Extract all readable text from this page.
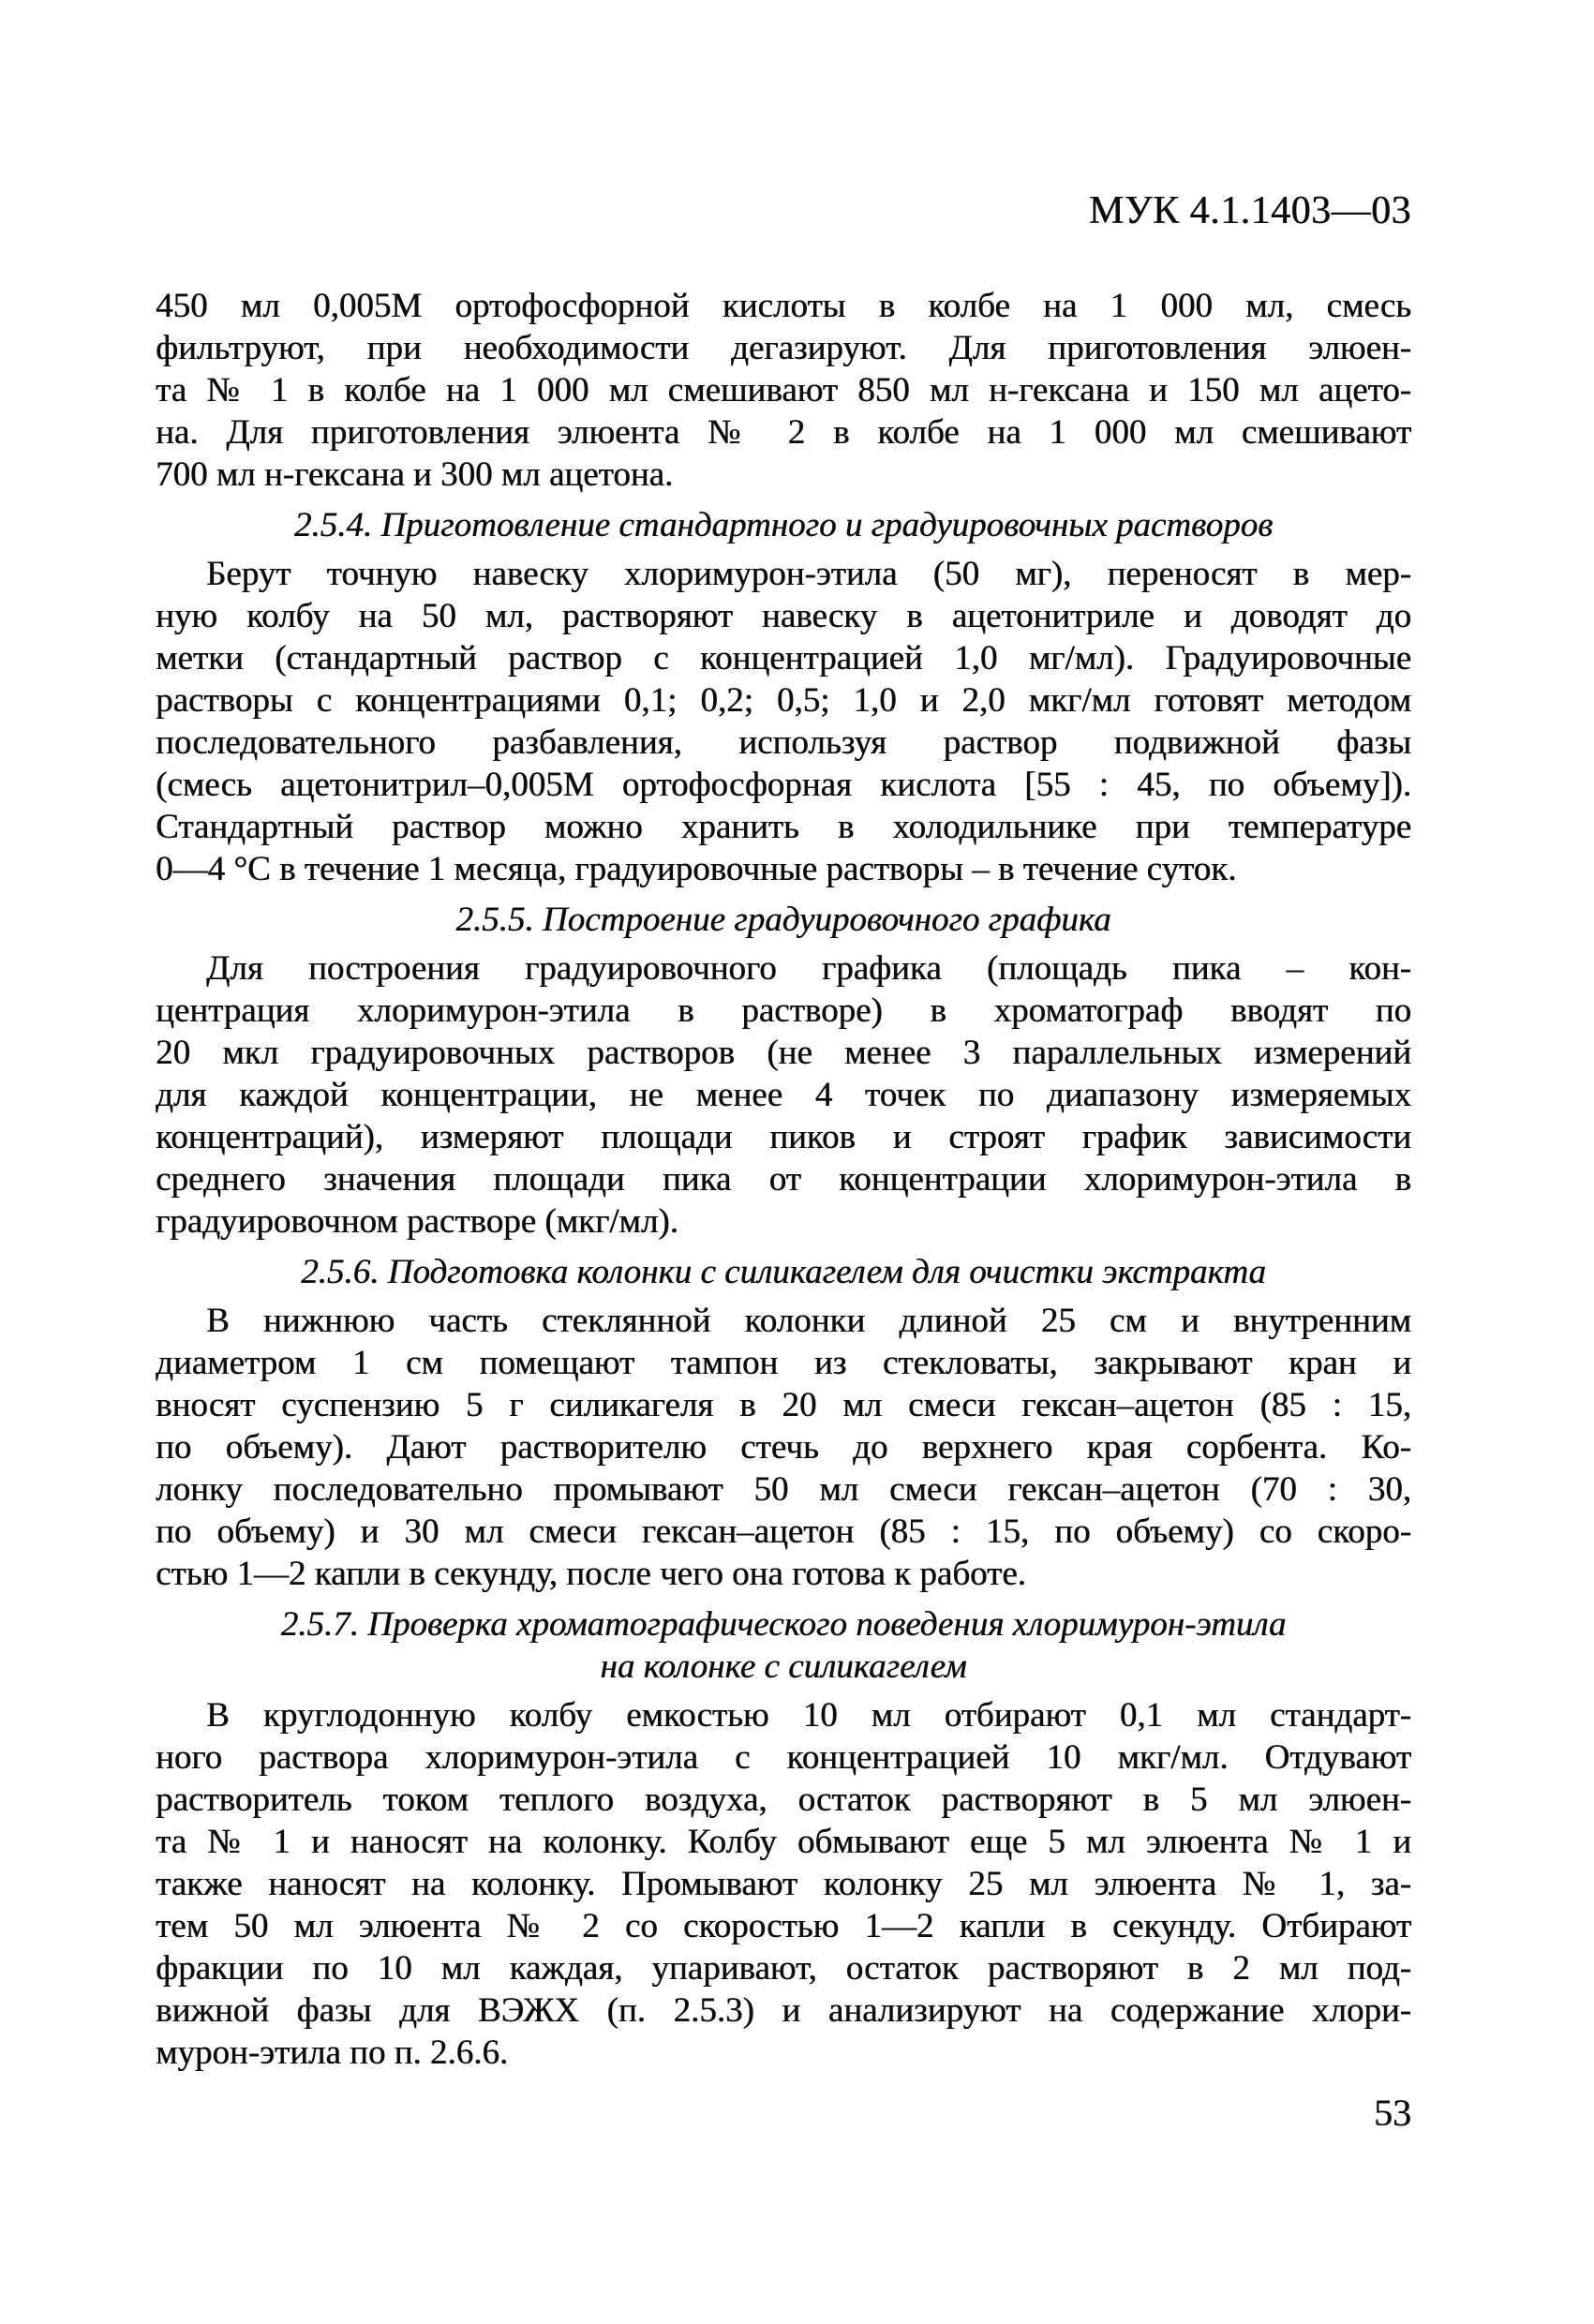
МУК 4.1.1403—03
450 мл 0,005М ортофосфорной кислоты в колбе на 1 000 мл, смесь
фильтруют, при необходимости дегазируют. Для приготовления элюен-
та № 1 в колбе на 1 000 мл смешивают 850 мл н-гексана и 150 мл ацето-
на. Для приготовления элюента № 2 в колбе на 1 000 мл смешивают
700 мл н-гексана и 300 мл ацетона.
2.5.4. Приготовление стандартного и градуировочных растворов
Берут точную навеску хлоримурон-этила (50 мг), переносят в мер-
ную колбу на 50 мл, растворяют навеску в ацетонитриле и доводят до
метки (стандартный раствор с концентрацией 1,0 мг/мл). Градуировочные
растворы с концентрациями 0,1; 0,2; 0,5; 1,0 и 2,0 мкг/мл готовят методом
последовательного разбавления, используя раствор подвижной фазы
(смесь ацетонитрил–0,005М ортофосфорная кислота [55 : 45, по объему]).
Стандартный раствор можно хранить в холодильнике при температуре
0—4 °С в течение 1 месяца, градуировочные растворы – в течение суток.
2.5.5. Построение градуировочного графика
Для построения градуировочного графика (площадь пика – кон-
центрация хлоримурон-этила в растворе) в хроматограф вводят по
20 мкл градуировочных растворов (не менее 3 параллельных измерений
для каждой концентрации, не менее 4 точек по диапазону измеряемых
концентраций), измеряют площади пиков и строят график зависимости
среднего значения площади пика от концентрации хлоримурон-этила в
градуировочном растворе (мкг/мл).
2.5.6. Подготовка колонки с силикагелем для очистки экстракта
В нижнюю часть стеклянной колонки длиной 25 см и внутренним
диаметром 1 см помещают тампон из стекловаты, закрывают кран и
вносят суспензию 5 г силикагеля в 20 мл смеси гексан–ацетон (85 : 15,
по объему). Дают растворителю стечь до верхнего края сорбента. Ко-
лонку последовательно промывают 50 мл смеси гексан–ацетон (70 : 30,
по объему) и 30 мл смеси гексан–ацетон (85 : 15, по объему) со скоро-
стью 1—2 капли в секунду, после чего она готова к работе.
2.5.7. Проверка хроматографического поведения хлоримурон-этила
на колонке с силикагелем
В круглодонную колбу емкостью 10 мл отбирают 0,1 мл стандарт-
ного раствора хлоримурон-этила с концентрацией 10 мкг/мл. Отдувают
растворитель током теплого воздуха, остаток растворяют в 5 мл элюен-
та № 1 и наносят на колонку. Колбу обмывают еще 5 мл элюента № 1 и
также наносят на колонку. Промывают колонку 25 мл элюента № 1, за-
тем 50 мл элюента № 2 со скоростью 1—2 капли в секунду. Отбирают
фракции по 10 мл каждая, упаривают, остаток растворяют в 2 мл под-
вижной фазы для ВЭЖХ (п. 2.5.3) и анализируют на содержание хлори-
мурон-этила по п. 2.6.6.
53
